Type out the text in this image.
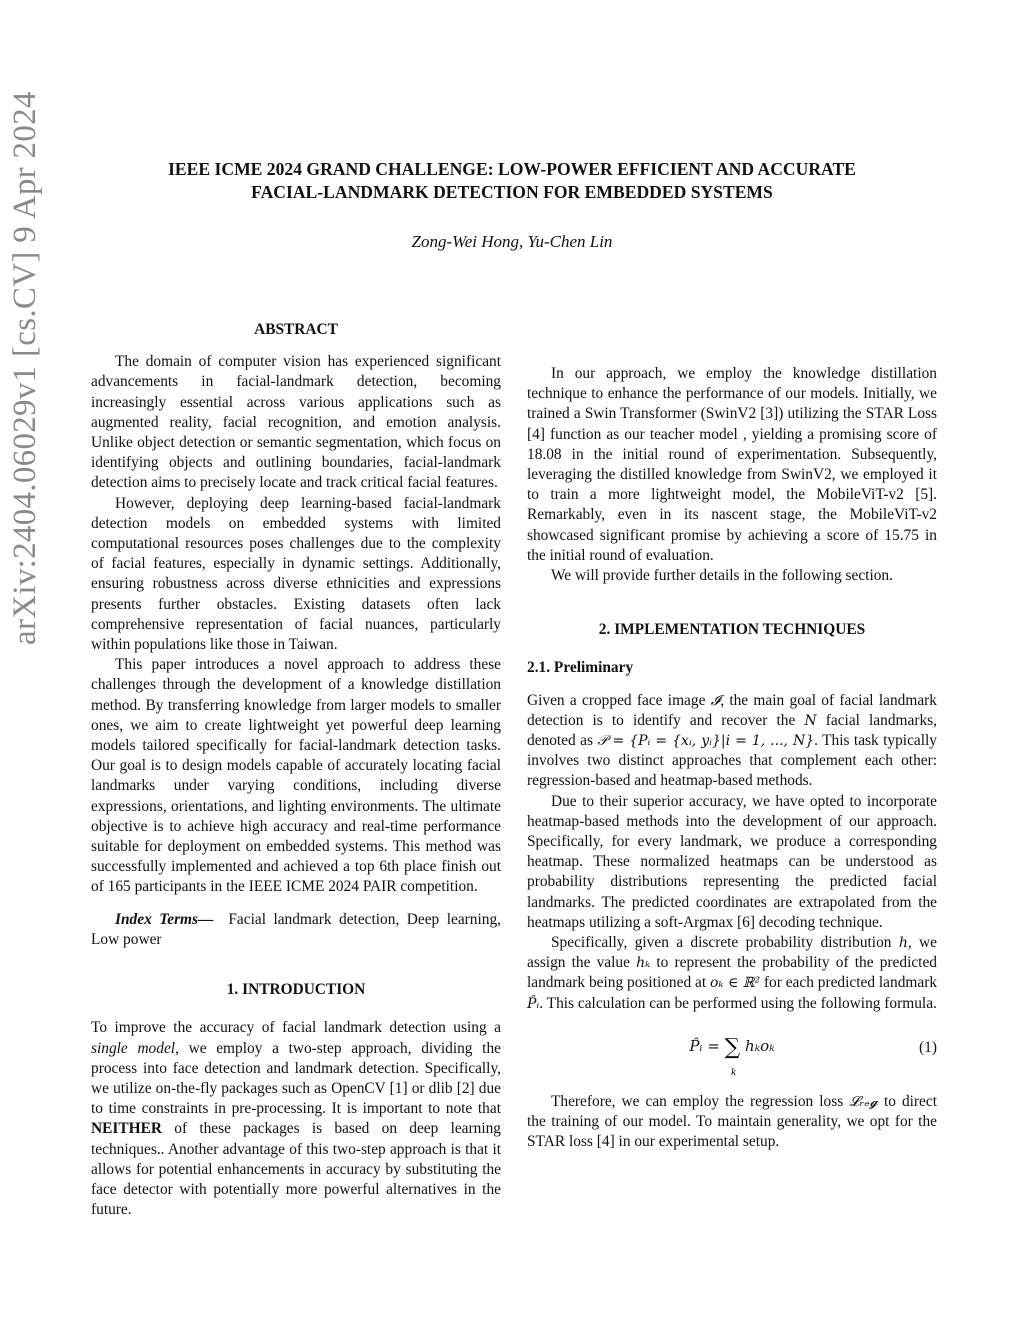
arXiv:2404.06029v1 [cs.CV] 9 Apr 2024	IEEE ICME 2024 GRAND CHALLENGE: LOW-POWER EFFICIENT AND ACCURATE
FACIAL-LANDMARK DETECTION FOR EMBEDDED SYSTEMS
Zong-Wei Hong, Yu-Chen Lin
ABSTRACT

The domain of computer vision has experienced significant advancements in facial-landmark detection, becoming increasingly essential across various applications such as augmented reality, facial recognition, and emotion analysis. Unlike object detection or semantic segmentation, which focus on identifying objects and outlining boundaries, facial-landmark detection aims to precisely locate and track critical facial features.

However, deploying deep learning-based facial-landmark detection models on embedded systems with limited computational resources poses challenges due to the complexity of facial features, especially in dynamic settings. Additionally, ensuring robustness across diverse ethnicities and expressions presents further obstacles. Existing datasets often lack comprehensive representation of facial nuances, particularly within populations like those in Taiwan.

This paper introduces a novel approach to address these challenges through the development of a knowledge distillation method. By transferring knowledge from larger models to smaller ones, we aim to create lightweight yet powerful deep learning models tailored specifically for facial-landmark detection tasks. Our goal is to design models capable of accurately locating facial landmarks under varying conditions, including diverse expressions, orientations, and lighting environments. The ultimate objective is to achieve high accuracy and real-time performance suitable for deployment on embedded systems. This method was successfully implemented and achieved a top 6th place finish out of 165 participants in the IEEE ICME 2024 PAIR competition.

Index Terms— Facial landmark detection, Deep learning, Low power

1. INTRODUCTION

To improve the accuracy of facial landmark detection using a single model, we employ a two-step approach, dividing the process into face detection and landmark detection. Specifically, we utilize on-the-fly packages such as OpenCV [1] or dlib [2] due to time constraints in pre-processing. It is important to note that NEITHER of these packages is based on deep learning techniques.. Another advantage of this two-step approach is that it allows for potential enhancements in accuracy by substituting the face detector with potentially more powerful alternatives in the future.

In our approach, we employ the knowledge distillation technique to enhance the performance of our models. Initially, we trained a Swin Transformer (SwinV2 [3]) utilizing the STAR Loss [4] function as our teacher model , yielding a promising score of 18.08 in the initial round of experimentation. Subsequently, leveraging the distilled knowledge from SwinV2, we employed it to train a more lightweight model, the MobileViT-v2 [5]. Remarkably, even in its nascent stage, the MobileViT-v2 showcased significant promise by achieving a score of 15.75 in the initial round of evaluation.

We will provide further details in the following section.

2. IMPLEMENTATION TECHNIQUES
2.1. Preliminary

Given a cropped face image 𝓘, the main goal of facial landmark detection is to identify and recover the N facial landmarks, denoted as 𝒫 = {Pᵢ = {xᵢ, yᵢ}|i = 1, ..., N}. This task typically involves two distinct approaches that complement each other: regression-based and heatmap-based methods.

Due to their superior accuracy, we have opted to incorporate heatmap-based methods into the development of our approach. Specifically, for every landmark, we produce a corresponding heatmap. These normalized heatmaps can be understood as probability distributions representing the predicted facial landmarks. The predicted coordinates are extrapolated from the heatmaps utilizing a soft-Argmax [6] decoding technique.

Specifically, given a discrete probability distribution h, we assign the value hₖ to represent the probability of the predicted landmark being positioned at oₖ ∈ ℝ² for each predicted landmark P̂ᵢ. This calculation can be performed using the following formula.

P̂ᵢ = ∑ hₖoₖ
k
(1)

Therefore, we can employ the regression loss 𝓛ᵣₑ𝓰 to direct the training of our model. To maintain generality, we opt for the STAR loss [4] in our experimental setup.
